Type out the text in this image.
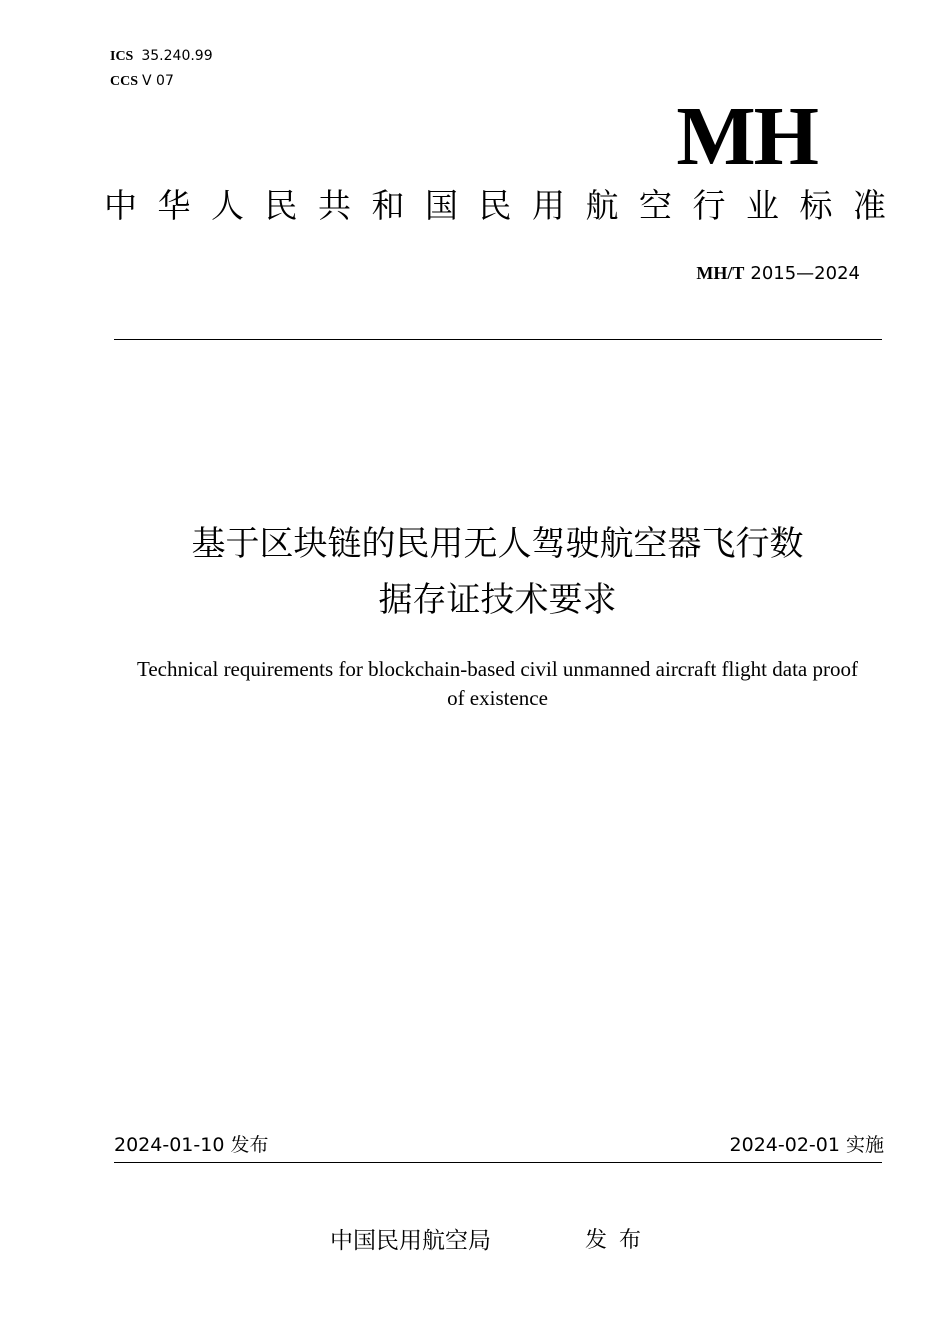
ICS 35.240.99
CCS V 07
MH
中华人民共和国民用航空行业标准
MH/T 2015—2024
基于区块链的民用无人驾驶航空器飞行数
据存证技术要求
Technical requirements for blockchain-based civil unmanned aircraft flight data proof
of existence
2024-01-10 发布	2024-02-01 实施
中国民用航空局	发布
